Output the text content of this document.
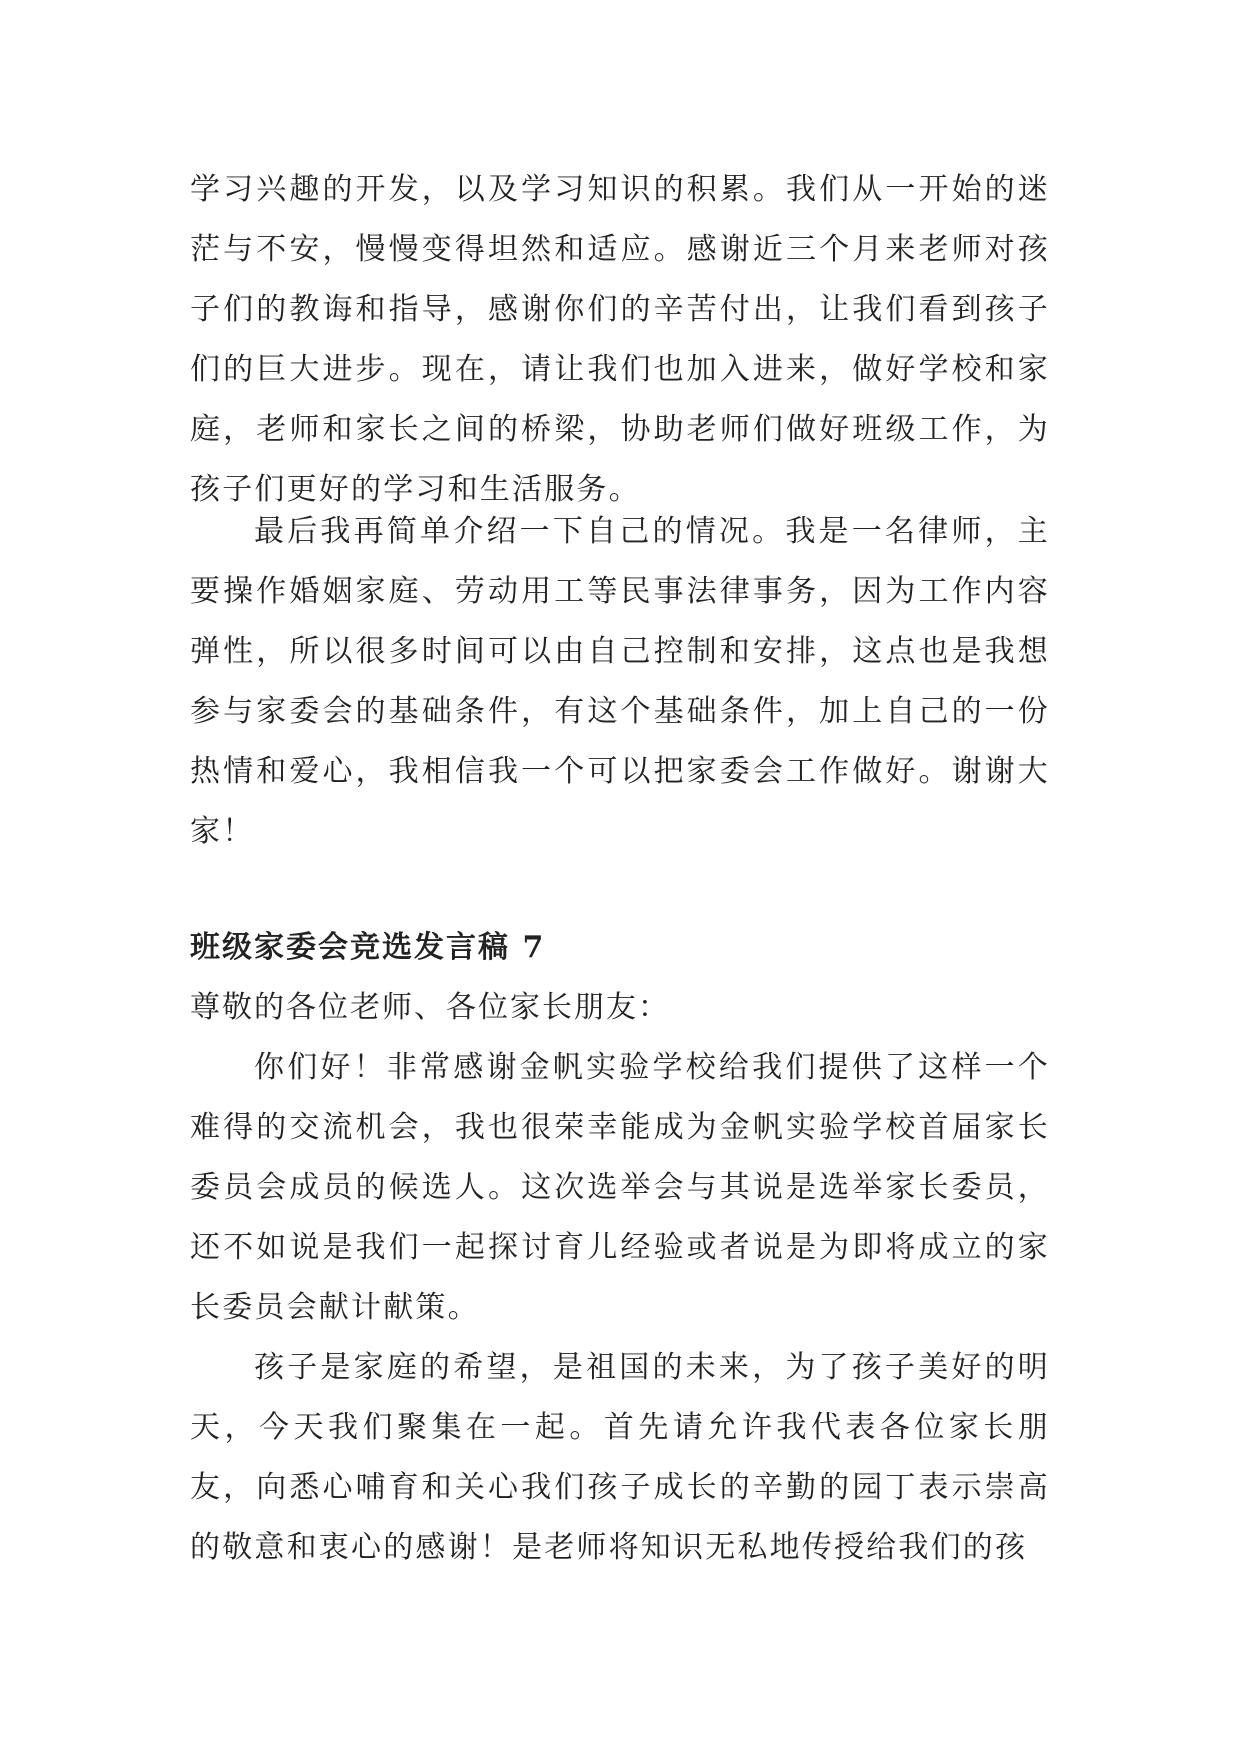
学习兴趣的开发，以及学习知识的积累。我们从一开始的迷茫与不安，慢慢变得坦然和适应。感谢近三个月来老师对孩子们的教诲和指导，感谢你们的辛苦付出，让我们看到孩子们的巨大进步。现在，请让我们也加入进来，做好学校和家庭，老师和家长之间的桥梁，协助老师们做好班级工作，为孩子们更好的学习和生活服务。

最后我再简单介绍一下自己的情况。我是一名律师，主要操作婚姻家庭、劳动用工等民事法律事务，因为工作内容弹性，所以很多时间可以由自己控制和安排，这点也是我想参与家委会的基础条件，有这个基础条件，加上自己的一份热情和爱心，我相信我一个可以把家委会工作做好。谢谢大家！

班级家委会竞选发言稿 7

尊敬的各位老师、各位家长朋友：

你们好！非常感谢金帆实验学校给我们提供了这样一个难得的交流机会，我也很荣幸能成为金帆实验学校首届家长委员会成员的候选人。这次选举会与其说是选举家长委员，还不如说是我们一起探讨育儿经验或者说是为即将成立的家长委员会献计献策。

孩子是家庭的希望，是祖国的未来，为了孩子美好的明天，今天我们聚集在一起。首先请允许我代表各位家长朋友，向悉心哺育和关心我们孩子成长的辛勤的园丁表示崇高的敬意和衷心的感谢！是老师将知识无私地传授给我们的孩
